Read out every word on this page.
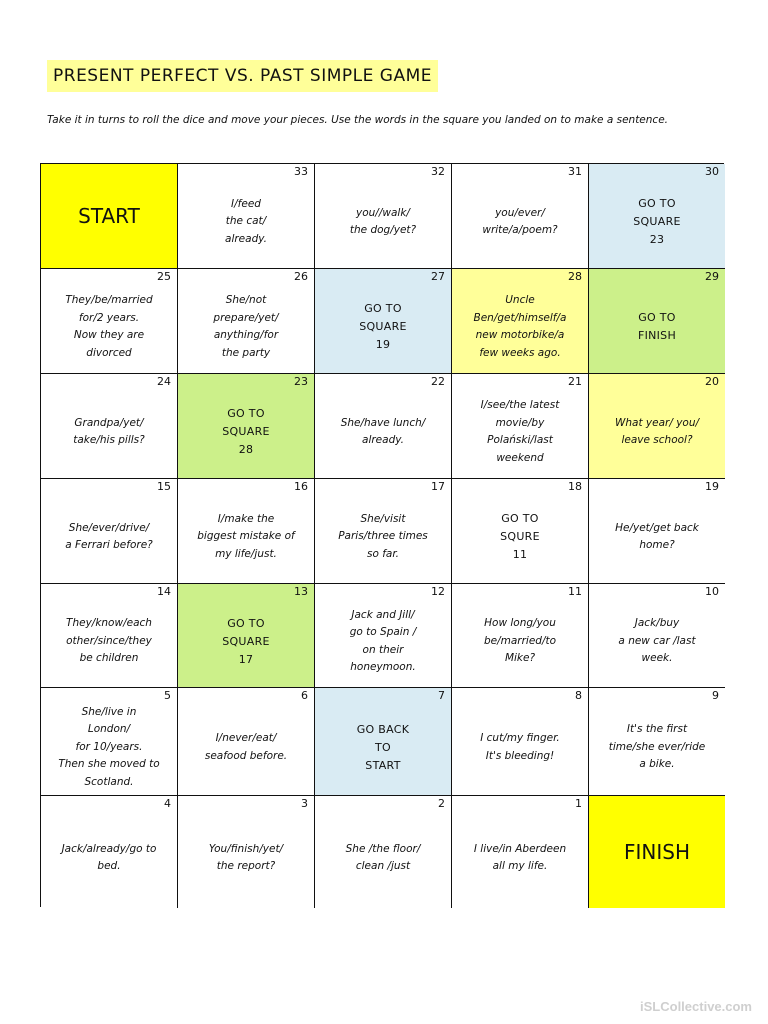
PRESENT PERFECT VS. PAST SIMPLE GAME
Take it in turns to roll the dice and move your pieces. Use the words in the square you landed on to make a sentence.
START
33
I/feed
the cat/
already.
32
you//walk/
the dog/yet?
31
you/ever/
write/a/poem?
30
GO TO
SQUARE
23
25
They/be/married
for/2 years.
Now they are
divorced
26
She/not
prepare/yet/
anything/for
the party
27
GO TO
SQUARE
19
28
Uncle
Ben/get/himself/a
new motorbike/a
few weeks ago.
29
GO TO
FINISH
24
Grandpa/yet/
take/his pills?
23
GO TO
SQUARE
28
22
She/have lunch/
already.
21
I/see/the latest
movie/by
Polański/last
weekend
20
What year/ you/
leave school?
15
She/ever/drive/
a Ferrari before?
16
I/make the
biggest mistake of
my life/just.
17
She/visit
Paris/three times
so far.
18
GO TO
SQURE
11
19
He/yet/get back
home?
14
They/know/each
other/since/they
be children
13
GO TO
SQUARE
17
12
Jack and Jill/
go to Spain /
on their
honeymoon.
11
How long/you
be/married/to
Mike?
10
Jack/buy
a new car /last
week.
5
She/live in
London/
for 10/years.
Then she moved to
Scotland.
6
I/never/eat/
seafood before.
7
GO BACK
TO
START
8
I cut/my finger.
It's bleeding!
9
It's the first
time/she ever/ride
a bike.
4
Jack/already/go to
bed.
3
You/finish/yet/
the report?
2
She /the floor/
clean /just
1
I live/in Aberdeen
all my life.
FINISH
iSLCollective.com
